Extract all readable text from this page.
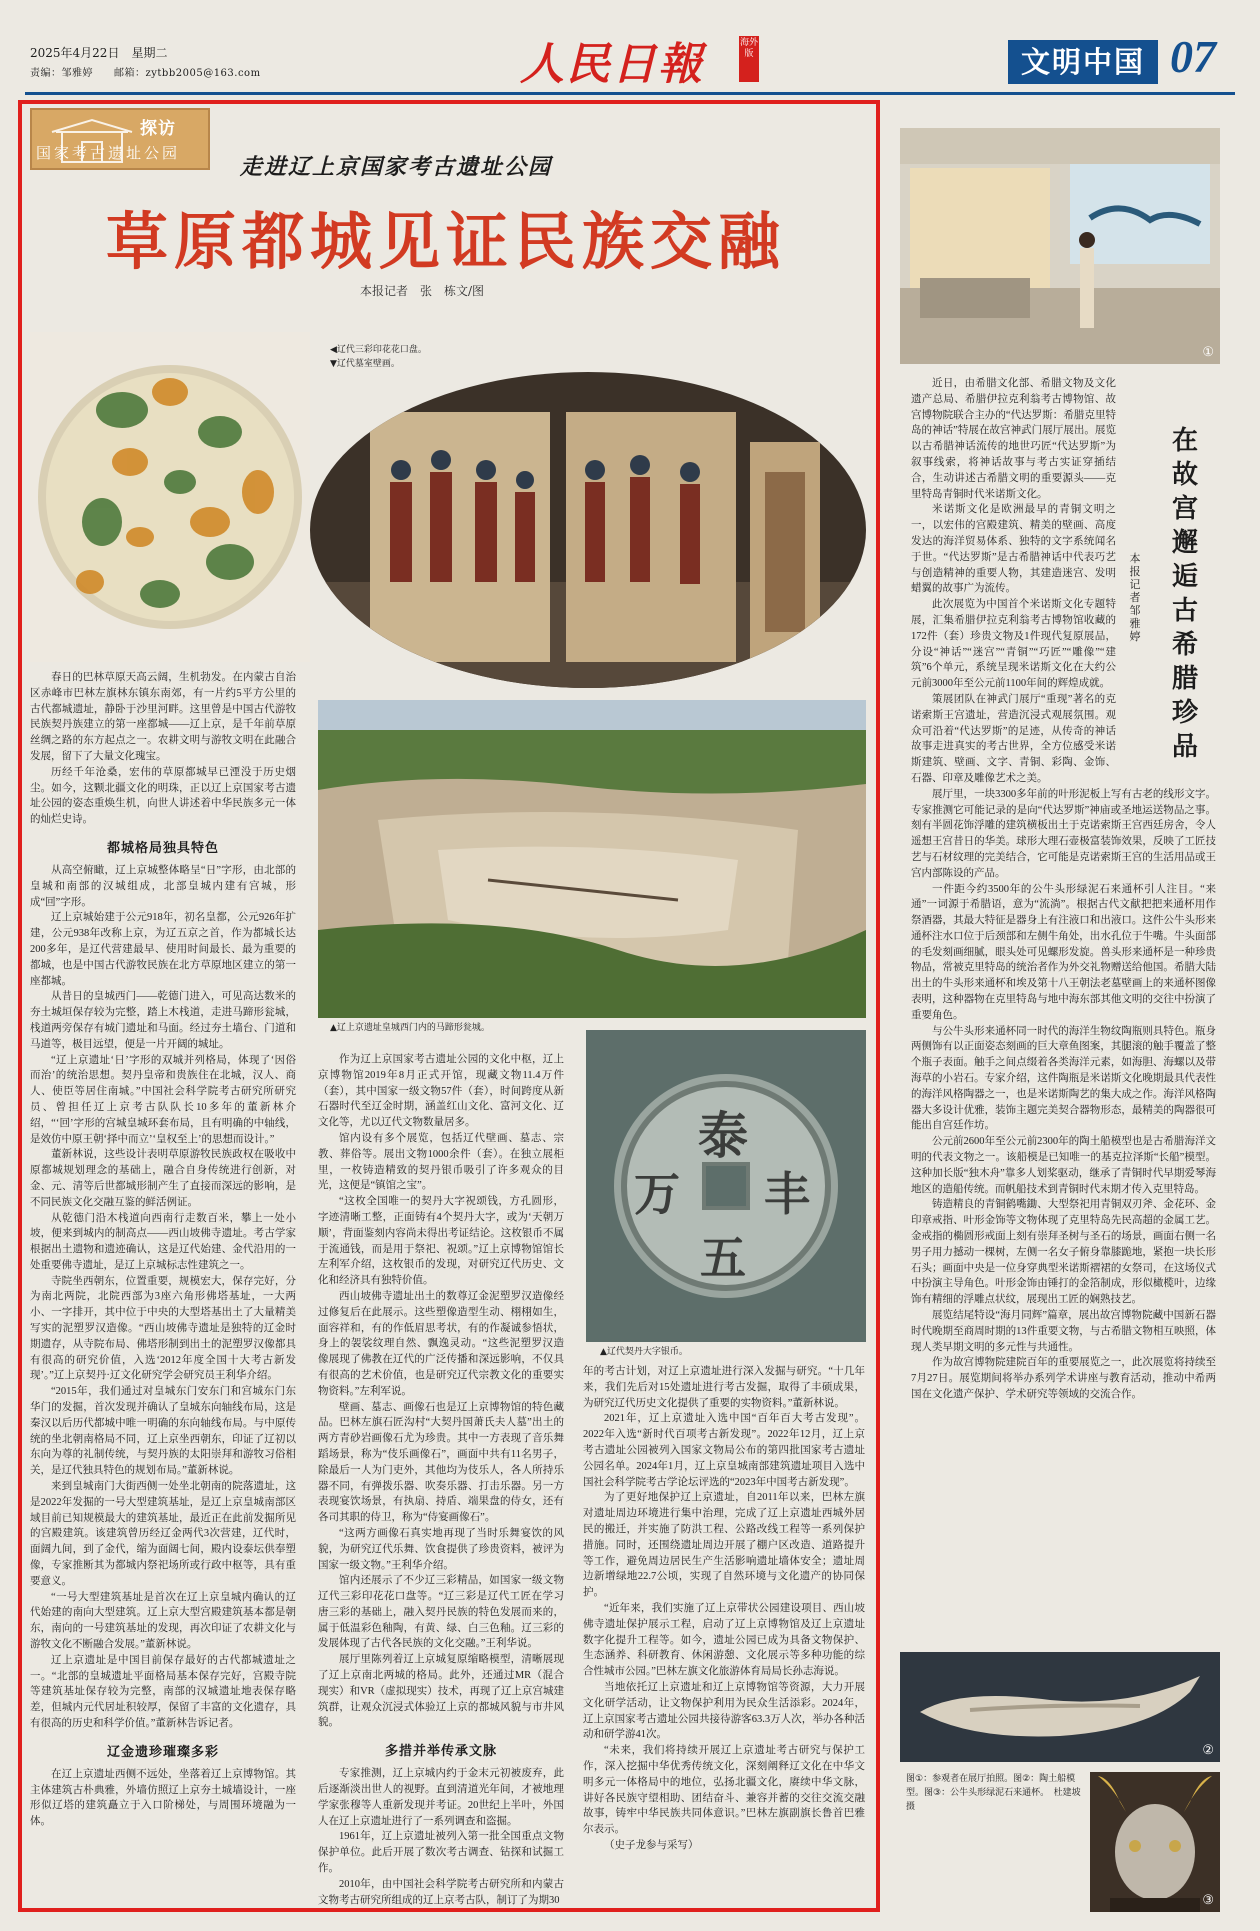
2025年4月22日　星期二
责编：邹雅婷　　邮箱：zytbb2005@163.com	人民日報	海外版	文明中国 07
探访
国家考古遗址公园
走进辽上京国家考古遗址公园
草原都城见证民族交融
本报记者　张　栋文/图
◀辽代三彩印花花口盘。
▼辽代墓室壁画。
▲辽上京遗址皇城西门内的马蹄形瓮城。
泰
万 丰
五
▲辽代契丹大字银币。

春日的巴林草原天高云阔，生机勃发。在内蒙古自治区赤峰市巴林左旗林东镇东南郊，有一片约5平方公里的古代都城遗址，静卧于沙里河畔。这里曾是中国古代游牧民族契丹族建立的第一座都城——辽上京，是千年前草原丝绸之路的东方起点之一。农耕文明与游牧文明在此融合发展，留下了大量文化瑰宝。

历经千年沧桑，宏伟的草原都城早已湮没于历史烟尘。如今，这颗北疆文化的明珠，正以辽上京国家考古遗址公园的姿态重焕生机，向世人讲述着中华民族多元一体的灿烂史诗。

都城格局独具特色

从高空俯瞰，辽上京城整体略呈“日”字形，由北部的皇城和南部的汉城组成，北部皇城内建有宫城，形成“回”字形。

辽上京城始建于公元918年，初名皇都，公元926年扩建，公元938年改称上京，为辽五京之首，作为都城长达200多年，是辽代营建最早、使用时间最长、最为重要的都城，也是中国古代游牧民族在北方草原地区建立的第一座都城。

从昔日的皇城西门——乾德门进入，可见高达数米的夯土城垣保存较为完整，踏上木栈道，走进马蹄形瓮城，栈道两旁保存有城门遗址和马面。经过夯土墙台、门道和马道等，极目远望，便是一片开阔的城址。

“辽上京遗址‘日’字形的双城并列格局，体现了‘因俗而治’的统治思想。契丹皇帝和贵族住在北城，汉人、商人、使臣等居住南城。”中国社会科学院考古研究所研究员、曾担任辽上京考古队队长10多年的董新林介绍，“‘回’字形的宫城皇城环套布局，且有明确的中轴线，是效仿中原王朝‘择中而立’‘皇权至上’的思想而设计。”

董新林说，这些设计表明草原游牧民族政权在吸收中原都城规划理念的基础上，融合自身传统进行创新，对金、元、清等后世都城形制产生了直接而深远的影响，是不同民族文化交融互鉴的鲜活例证。

从乾德门沿木栈道向西南行走数百米，攀上一处小坡，便来到城内的制高点——西山坡佛寺遗址。考古学家根据出土遗物和遗迹确认，这是辽代始建、金代沿用的一处重要佛寺遗址，是辽上京城标志性建筑之一。

寺院坐西朝东，位置重要，规模宏大，保存完好，分为南北两院，北院西部为3座六角形佛塔基址，一大两小、一字排开，其中位于中央的大型塔基出土了大量精美写实的泥塑罗汉造像。“西山坡佛寺遗址是独特的辽金时期遗存，从寺院布局、佛塔形制到出土的泥塑罗汉像都具有很高的研究价值，入选‘2012年度全国十大考古新发现’。”辽上京契丹·辽文化研究学会研究员王利华介绍。

“2015年，我们通过对皇城东门安东门和宫城东门东华门的发掘，首次发现并确认了皇城东向轴线布局，这是秦汉以后历代都城中唯一明确的东向轴线布局。与中原传统的坐北朝南格局不同，辽上京坐西朝东，印证了辽初以东向为尊的礼制传统，与契丹族的太阳崇拜和游牧习俗相关，是辽代独具特色的规划布局。”董新林说。

来到皇城南门大街西侧一处坐北朝南的院落遗址，这是2022年发掘的一号大型建筑基址，是辽上京皇城南部区域目前已知规模最大的建筑基址，最近正在此前发掘所见的宫殿建筑。该建筑曾历经辽金两代3次营建，辽代时，面阔九间，到了金代，缩为面阔七间，殿内设泰坛供奉塑像，专家推断其为都城内祭祀场所或行政中枢等，具有重要意义。

“一号大型建筑基址是首次在辽上京皇城内确认的辽代始建的南向大型建筑。辽上京大型宫殿建筑基本都是朝东，南向的一号建筑基址的发现，再次印证了农耕文化与游牧文化不断融合发展。”董新林说。

辽上京遗址是中国目前保存最好的古代都城遗址之一。“北部的皇城遗址平面格局基本保存完好，宫殿寺院等建筑基址保存较为完整，南部的汉城遗址地表保存略差，但城内元代居址积较厚，保留了丰富的文化遗存，具有很高的历史和科学价值。”董新林告诉记者。

辽金遗珍璀璨多彩

在辽上京遗址西侧不远处，坐落着辽上京博物馆。其主体建筑古朴典雅，外墙仿照辽上京夯土城墙设计，一座形似辽塔的建筑矗立于入口阶梯处，与周围环境融为一体。

作为辽上京国家考古遗址公园的文化中枢，辽上京博物馆2019年8月正式开馆，现藏文物11.4万件（套），其中国家一级文物57件（套），时间跨度从新石器时代至辽金时期，涵盖红山文化、富河文化、辽文化等，尤以辽代文物数量居多。

馆内设有多个展览，包括辽代壁画、墓志、宗教、葬俗等。展出文物1000余件（套）。在独立展柜里，一枚铸造精致的契丹银币吸引了许多观众的目光，这便是“镇馆之宝”。

“这枚全国唯一的契丹大字祝颂钱，方孔圆形，字迹清晰工整，正面铸有4个契丹大字，或为‘天朝万顺’，背面鉴刻内容尚未得出考证结论。这枚银币不属于流通钱，而是用于祭祀、祝颂。”辽上京博物馆馆长左利军介绍，这枚银币的发现，对研究辽代历史、文化和经济具有独特价值。

西山坡佛寺遗址出土的数尊辽金泥塑罗汉造像经过修复后在此展示。这些塑像造型生动、栩栩如生，面容祥和，有的作低眉思考状，有的作凝诚参悟状，身上的袈裟纹理自然、飘逸灵动。“这些泥塑罗汉造像展现了佛教在辽代的广泛传播和深远影响，不仅具有很高的艺术价值，也是研究辽代宗教文化的重要实物资料。”左利军说。

壁画、墓志、画像石也是辽上京博物馆的特色藏品。巴林左旗石匠沟村“大契丹国萧氏夫人墓”出土的两方青砂岩画像石尤为珍贵。其中一方表现了音乐舞蹈场景，称为“伎乐画像石”，画面中共有11名男子，除最后一人为门吏外，其他均为伎乐人，各人所持乐器不同，有弹拨乐器、吹奏乐器、打击乐器。另一方表现宴饮场景，有执扇、持盾、端果盘的侍女，还有各司其职的侍卫，称为“侍宴画像石”。

“这两方画像石真实地再现了当时乐舞宴饮的风貌，为研究辽代乐舞、饮食提供了珍贵资料，被评为国家一级文物。”王利华介绍。

馆内还展示了不少辽三彩精品，如国家一级文物辽代三彩印花花口盘等。“辽三彩是辽代工匠在学习唐三彩的基础上，融入契丹民族的特色发展而来的，属于低温彩色釉陶，有黄、绿、白三色釉。辽三彩的发展体现了古代各民族的文化交融。”王利华说。

展厅里陈列着辽上京城复原缩略模型，清晰展现了辽上京南北两城的格局。此外，还通过MR（混合现实）和VR（虚拟现实）技术，再现了辽上京宫城建筑群，让观众沉浸式体验辽上京的都城风貌与市井风貌。

多措并举传承文脉

专家推测，辽上京城内约于金末元初被废弃，此后逐渐淡出世人的视野。直到清道光年间，才被地理学家张穆等人重新发现并考证。20世纪上半叶，外国人在辽上京遗址进行了一系列调查和盗掘。

1961年，辽上京遗址被列入第一批全国重点文物保护单位。此后开展了数次考古调查、钻探和试掘工作。

2010年，由中国社会科学院考古研究所和内蒙古文物考古研究所组成的辽上京考古队，制订了为期30

年的考古计划，对辽上京遗址进行深入发掘与研究。“十几年来，我们先后对15处遗址进行考古发掘，取得了丰硕成果，为研究辽代历史文化提供了重要的实物资料。”董新林说。

2021年，辽上京遗址入选中国“百年百大考古发现”。2022年入选“新时代百项考古新发现”。2022年12月，辽上京考古遗址公园被列入国家文物局公布的第四批国家考古遗址公园名单。2024年1月，辽上京皇城南部建筑遗址项目入选中国社会科学院考古学论坛评选的“2023年中国考古新发现”。

为了更好地保护辽上京遗址，自2011年以来，巴林左旗对遗址周边环境进行集中治理，完成了辽上京遗址西城外居民的搬迁，并实施了防洪工程、公路改线工程等一系列保护措施。同时，还围绕遗址周边开展了棚户区改造、道路提升等工作，避免周边居民生产生活影响遗址墙体安全；遗址周边新增绿地22.7公顷，实现了自然环境与文化遗产的协同保护。

“近年来，我们实施了辽上京带状公园建设项目、西山坡佛寺遗址保护展示工程，启动了辽上京博物馆及辽上京遗址数字化提升工程等。如今，遗址公园已成为具备文物保护、生态涵养、科研教育、休闲游憩、文化展示等多种功能的综合性城市公园。”巴林左旗文化旅游体育局局长孙志海说。

当地依托辽上京遗址和辽上京博物馆等资源，大力开展文化研学活动，让文物保护利用为民众生活添彩。2024年，辽上京国家考古遗址公园共接待游客63.3万人次，举办各种活动和研学游41次。

“未来，我们将持续开展辽上京遗址考古研究与保护工作，深入挖掘中华优秀传统文化，深刻阐释辽文化在中华文明多元一体格局中的地位，弘扬北疆文化，赓续中华文脉，讲好各民族守望相助、团结奋斗、兼容并蓄的交往交流交融故事，铸牢中华民族共同体意识。”巴林左旗副旗长鲁首巴雅尔表示。

（史子龙参与采写）

①
在故宫邂逅古希腊珍品
本报记者　邹雅婷

近日，由希腊文化部、希腊文物及文化遗产总局、希腊伊拉克利翁考古博物馆、故宫博物院联合主办的“代达罗斯：希腊克里特岛的神话”特展在故宫神武门展厅展出。展览以古希腊神话流传的地世巧匠“代达罗斯”为叙事线索，将神话故事与考古实证穿插结合，生动讲述古希腊文明的重要源头——克里特岛青铜时代米诺斯文化。

米诺斯文化是欧洲最早的青铜文明之一，以宏伟的宫殿建筑、精美的壁画、高度发达的海洋贸易体系、独特的文字系统闻名于世。“代达罗斯”是古希腊神话中代表巧艺与创造精神的重要人物，其建造迷宫、发明蜡翼的故事广为流传。

此次展览为中国首个米诺斯文化专题特展，汇集希腊伊拉克利翁考古博物馆收藏的172件（套）珍贵文物及1件现代复原展品，分设“神话”“迷宫”“青铜”“巧匠”“雕像”“建筑”6个单元，系统呈现米诺斯文化在大约公元前3000年至公元前1100年间的辉煌成就。

策展团队在神武门展厅“重现”著名的克诺索斯王宫遗址，营造沉浸式观展氛围。观众可沿着“代达罗斯”的足迹，从传奇的神话故事走进真实的考古世界，全方位感受米诺斯建筑、壁画、文字、青铜、彩陶、金饰、石器、印章及雕像艺术之美。

展厅里，一块3300多年前的叶形泥板上写有古老的线形文字。专家推测它可能记录的是向“代达罗斯”神庙或圣地运送物品之事。刻有半圆花饰浮雕的建筑横板出土于克诺索斯王宫西廷房舍，令人遥想王宫昔日的华美。球形大理石壶极富装饰效果，反映了工匠技艺与石材纹理的完美结合，它可能是克诺索斯王宫的生活用品或王宫内部陈设的产品。

一件距今约3500年的公牛头形绿泥石来通杯引人注目。“来通”一词源于希腊语，意为“流淌”。根据古代文献把把来通杯用作祭酒器，其最大特征是器身上有注液口和出液口。这件公牛头形来通杯注水口位于后颈部和左侧牛角处，出水孔位于牛嘴。牛头面部的毛发刻画细腻，眼头处可见螺形发旋。兽头形来通杯是一种珍贵物品，常被克里特岛的统治者作为外交礼物赠送给他国。希腊大陆出土的牛头形来通杯和埃及第十八王朝法老墓壁画上的来通杯图像表明，这种器物在克里特岛与地中海东部其他文明的交往中扮演了重要角色。

与公牛头形来通杯同一时代的海洋生物纹陶瓶则具特色。瓶身两侧饰有以正面姿态刻画的巨大章鱼图案，其腿滚的触手覆盖了整个瓶子表面。触手之间点缀着各类海洋元素，如海胆、海螺以及带海草的小岩石。专家介绍，这件陶瓶是米诺斯文化晚期最具代表性的海洋风格陶器之一，也是米诺斯陶艺的集大成之作。海洋风格陶器大多设计优雅，装饰主题完美契合器物形态，最精美的陶器很可能出自宫廷作坊。

公元前2600年至公元前2300年的陶土船模型也是古希腊海洋文明的代表文物之一。该船模是已知唯一的基克拉泽斯“长船”模型。这种加长版“独木舟”靠多人划桨驱动，继承了青铜时代早期爱琴海地区的造船传统。而帆船技术到青铜时代末期才传入克里特岛。

铸造精良的青铜鹤嘴鋤、大型祭祀用青铜双刃斧、金花环、金印章戒指、叶形金饰等文物体现了克里特岛先民高超的金属工艺。金戒指的椭圆形戒面上刻有崇拜圣树与圣石的场景，画面右侧一名男子用力撼动一棵树，左侧一名女子俯身靠膝跪地，紧抱一块长形石头；画面中央是一位身穿典型米诺斯褶裙的女祭司，在这场仪式中扮演主导角色。叶形金饰由锤打的金箔制成，形似橄榄叶，边缘饰有精细的浮雕点状纹，展现出工匠的娴熟技艺。

展览结尾特设“海月同辉”篇章，展出故宫博物院藏中国新石器时代晚期至商周时期的13件重要文物，与古希腊文物相互映照，体现人类早期文明的多元性与共通性。

作为故宫博物院建院百年的重要展览之一，此次展览将持续至7月27日。展览期间将举办系列学术讲座与教育活动，推动中希两国在文化遗产保护、学术研究等领域的交流合作。

②
③
图①：参观者在展厅拍照。图②：陶土船模型。图③：公牛头形绿泥石来通杯。　杜建坡摄
